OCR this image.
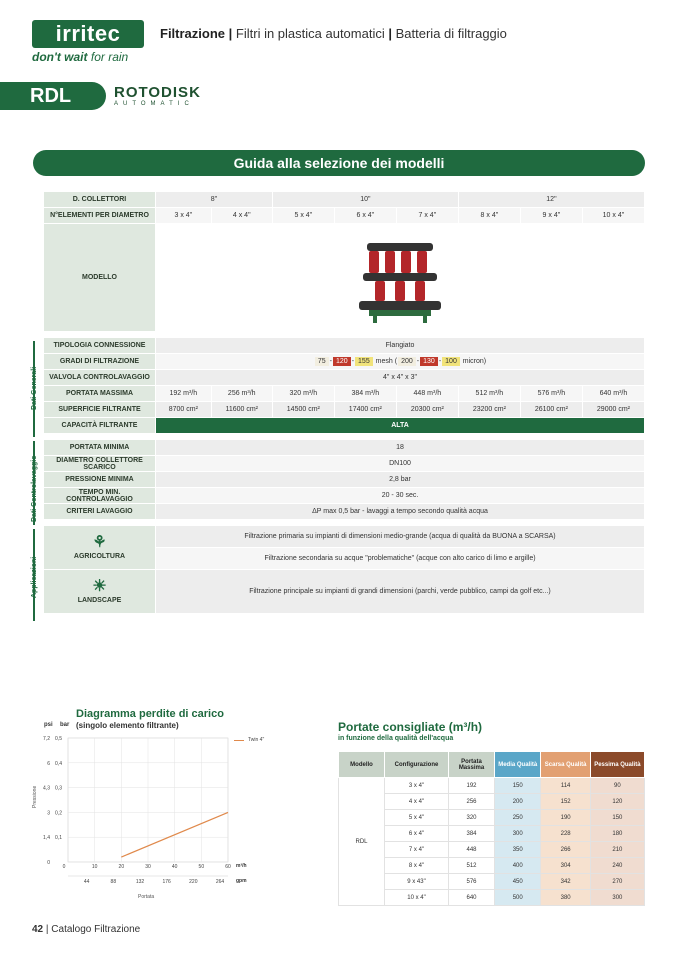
irritec
don't wait for rain
Filtrazione | Filtri in plastica automatici | Batteria di filtraggio
RDL	ROTODISK
AUTOMATIC
Guida alla selezione dei modelli
Dati Generali
Dati Controlavaggio
Applicazioni
D. COLLETTORI	8"		10"			12"		
N°ELEMENTI PER DIAMETRO	3 x 4"	4 x 4"	5 x 4"	6 x 4"	7 x 4"	8 x 4"	9 x 4"	10 x 4"
MODELLO								

TIPOLOGIA CONNESSIONE	Flangiato							
GRADI DI FILTRAZIONE	75 - 120 - 155 mesh ( 200 - 130 - 100 micron)							
VALVOLA CONTROLAVAGGIO	4" x 4" x 3"							
PORTATA MASSIMA	192 m³/h	256 m³/h	320 m³/h	384 m³/h	448 m³/h	512 m³/h	576 m³/h	640 m³/h
SUPERFICIE FILTRANTE	8700 cm²	11600 cm²	14500 cm²	17400 cm²	20300 cm²	23200 cm²	26100 cm²	29000 cm²
CAPACITÀ FILTRANTE	ALTA							

PORTATA MINIMA	18							
DIAMETRO COLLETTORE SCARICO	DN100							
PRESSIONE MINIMA	2,8 bar							
TEMPO MIN. CONTROLAVAGGIO	20 - 30 sec.							
CRITERI LAVAGGIO	ΔP max 0,5 bar - lavaggi a tempo secondo qualità acqua							

⚘
AGRICOLTURA	Filtrazione primaria su impianti di dimensioni medio-grande (acqua di qualità da BUONA a SCARSA)							
	Filtrazione secondaria su acque "problematiche" (acque con alto carico di limo e argille)							

☀
LANDSCAPE	Filtrazione principale su impianti di grandi dimensioni (parchi, verde pubblico, campi da golf etc...)							
Diagramma perdite di carico
(singolo elemento filtrante)
psi bar
Twin 4"
0,5
7,2
0,4
6
0,3
4,3
0,2
3
0,1
1,4
0
10
44
20
88
30
132
40
176
50
220
60
264
0
Pressione
Portata
m³/h
gpm
Portate consigliate (m³/h)
in funzione della qualità dell'acqua
Modello	Configurazione	Portata Massima	Media Qualità	Scarsa Qualità	Pessima Qualità
RDL	3 x 4"	192	150	114	90
	4 x 4"	256	200	152	120
	5 x 4"	320	250	190	150
	6 x 4"	384	300	228	180
	7 x 4"	448	350	266	210
	8 x 4"	512	400	304	240
	9 x 43"	576	450	342	270
	10 x 4"	640	500	380	300
42 | Catalogo Filtrazione
